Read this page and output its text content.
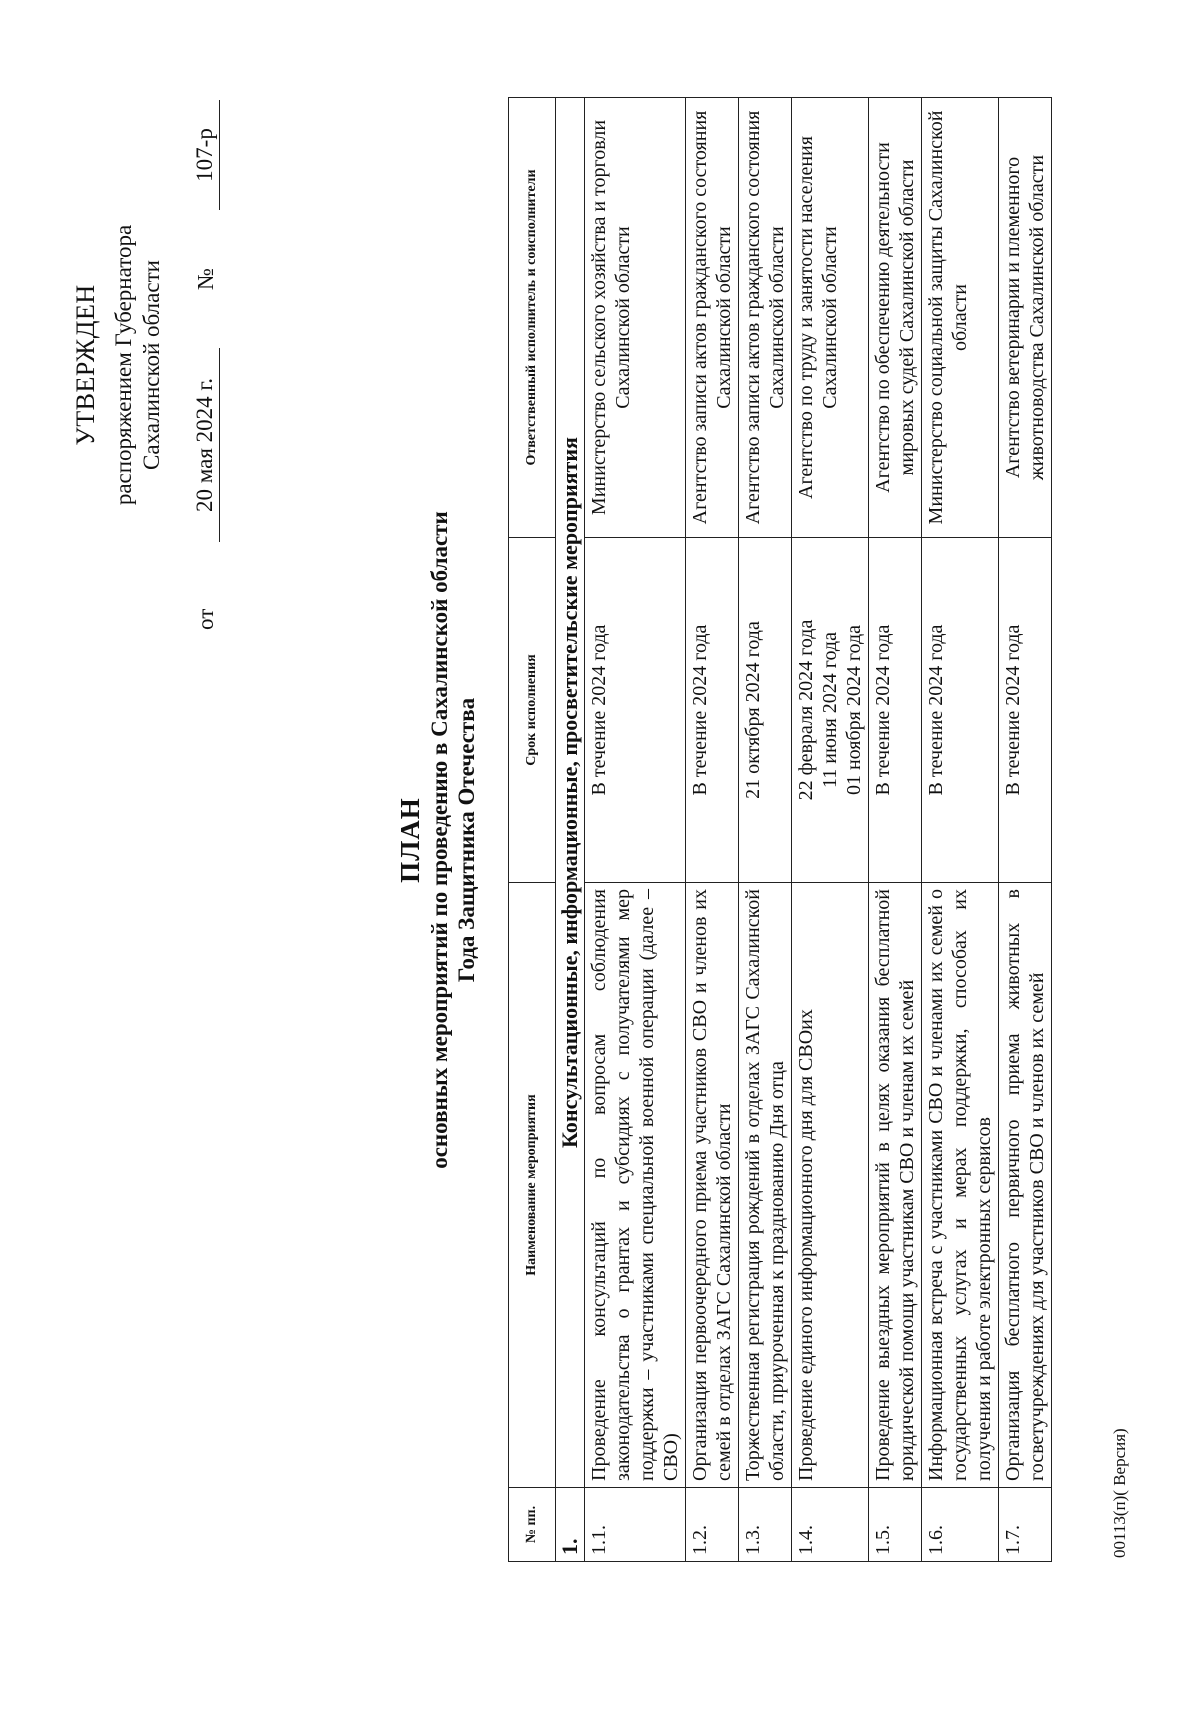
УТВЕРЖДЕН распоряжением Губернатора Сахалинской области
от
20 мая 2024 г.
№
107-р
ПЛАН основных мероприятий по проведению в Сахалинской области Года Защитника Отечества
№ пп.	Наименование мероприятия	Срок исполнения	Ответственный исполнитель и соисполнители
1.	Консультационные, информационные, просветительские мероприятия		
1.1.	Проведение консультаций по вопросам соблюдения законодательства о грантах и субсидиях с получателями мер поддержки – участниками специальной военной операции (далее – СВО)	В течение 2024 года	Министерство сельского хозяйства и торговли Сахалинской области
1.2.	Организация первоочередного приема участников СВО и членов их семей в отделах ЗАГС Сахалинской области	В течение 2024 года	Агентство записи актов гражданского состояния Сахалинской области
1.3.	Торжественная регистрация рождений в отделах ЗАГС Сахалинской области, приуроченная к празднованию Дня отца	21 октября 2024 года	Агентство записи актов гражданского состояния Сахалинской области
1.4.	Проведение единого информационного дня для СВОих	22 февраля 2024 года 11 июня 2024 года 01 ноября 2024 года	Агентство по труду и занятости населения Сахалинской области
1.5.	Проведение выездных мероприятий в целях оказания бесплатной юридической помощи участникам СВО и членам их семей	В течение 2024 года	Агентство по обеспечению деятельности мировых судей Сахалинской области
1.6.	Информационная встреча с участниками СВО и членами их семей о государственных услугах и мерах поддержки, способах их получения и работе электронных сервисов	В течение 2024 года	Министерство социальной защиты Сахалинской области
1.7.	Организация бесплатного первичного приема животных в госветучреждениях для участников СВО и членов их семей	В течение 2024 года	Агентство ветеринарии и племенного животноводства Сахалинской области
00113(п)( Версия)
